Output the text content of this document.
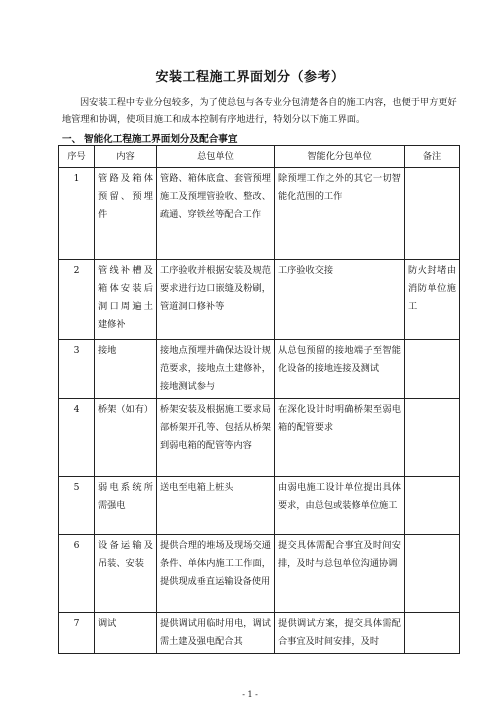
安装工程施工界面划分（参考）
因安装工程中专业分包较多，为了使总包与各专业分包清楚各自的施工内容，也便于甲方更好地管理和协调，使项目施工和成本控制有序地进行，特划分以下施工界面。
一、 智能化工程施工界面划分及配合事宜
序号	内容	总包单位	智能化分包单位	备注
1	管路及箱体预留、预埋件	管路、箱体底盒、套管预埋施工及预埋管验收、整改、疏通、穿铁丝等配合工作	除预埋工作之外的其它一切智能化范围的工作	
2	管线补槽及箱体安装后洞口周遍土建修补	工序验收并根据安装及规范要求进行边口嵌缝及粉刷，管道洞口修补等	工序验收交接	防火封堵由消防单位施工
3	接地	接地点预埋并确保达设计规范要求，接地点土建修补，接地测试参与	从总包预留的接地端子至智能化设备的接地连接及测试	
4	桥架（如有）	桥架安装及根据施工要求局部桥架开孔等、包括从桥架到弱电箱的配管等内容	在深化设计时明确桥架至弱电箱的配管要求	
5	弱电系统所需强电	送电至电箱上桩头	由弱电施工设计单位提出具体要求，由总包或装修单位施工	
6	设备运输及吊装、安装	提供合理的堆场及现场交通条件、单体内施工工作面，提供现成垂直运输设备使用	提交具体需配合事宜及时间安排，及时与总包单位沟通协调	
7	调试	提供调试用临时用电，调试需土建及强电配合其	提供调试方案，提交具体需配合事宜及时间安排，及时	
- 1 -
